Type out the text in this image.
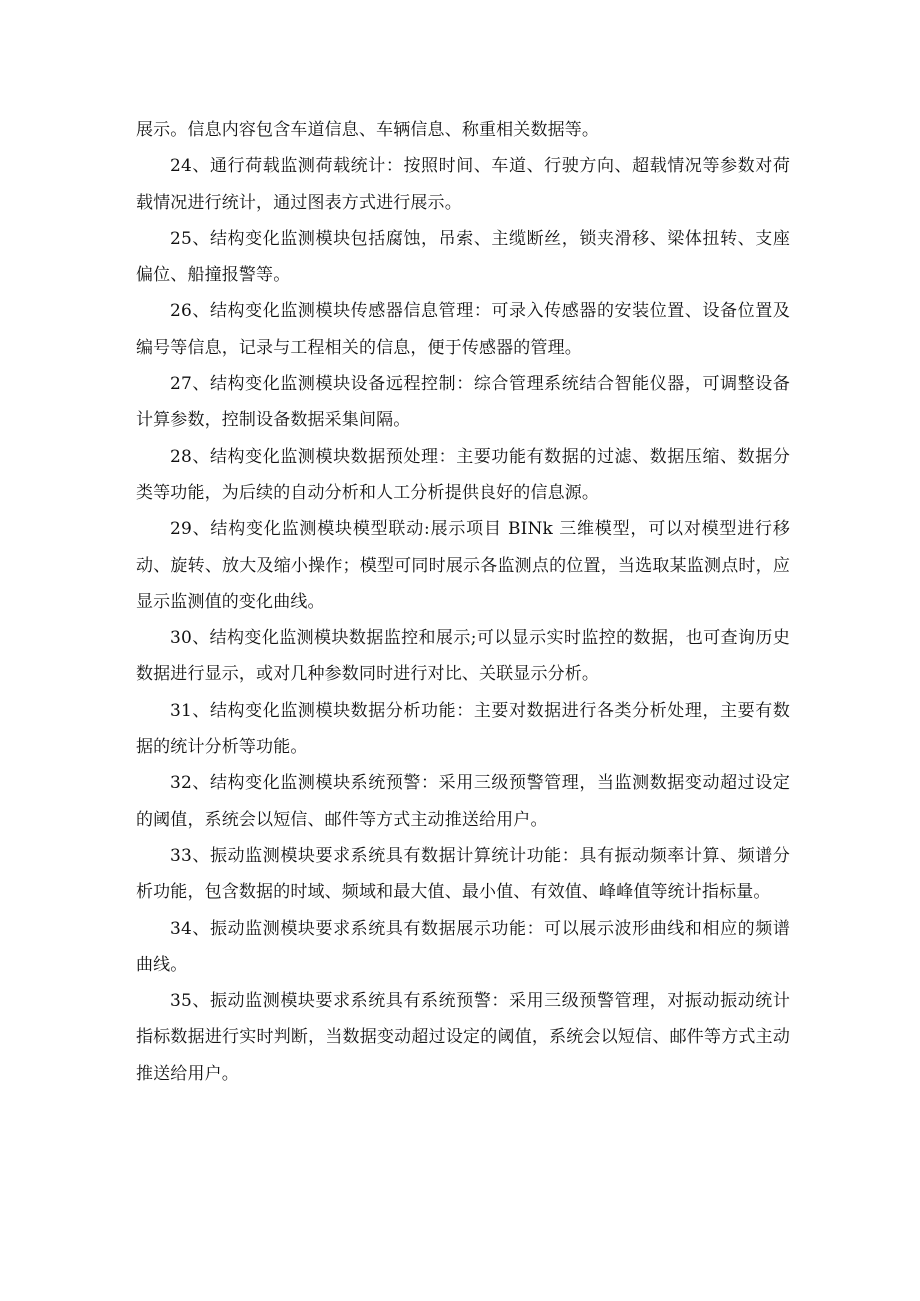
展示。信息内容包含车道信息、车辆信息、称重相关数据等。

24、通行荷载监测荷载统计：按照时间、车道、行驶方向、超载情况等参数对荷载情况进行统计，通过图表方式进行展示。

25、结构变化监测模块包括腐蚀，吊索、主缆断丝，锁夹滑移、梁体扭转、支座偏位、船撞报警等。

26、结构变化监测模块传感器信息管理：可录入传感器的安装位置、设备位置及编号等信息，记录与工程相关的信息，便于传感器的管理。

27、结构变化监测模块设备远程控制：综合管理系统结合智能仪器，可调整设备计算参数，控制设备数据采集间隔。

28、结构变化监测模块数据预处理：主要功能有数据的过滤、数据压缩、数据分类等功能，为后续的自动分析和人工分析提供良好的信息源。

29、结构变化监测模块模型联动:展示项目 BINk 三维模型，可以对模型进行移动、旋转、放大及缩小操作；模型可同时展示各监测点的位置，当选取某监测点时，应显示监测值的变化曲线。

30、结构变化监测模块数据监控和展示;可以显示实时监控的数据，也可查询历史数据进行显示，或对几种参数同时进行对比、关联显示分析。

31、结构变化监测模块数据分析功能：主要对数据进行各类分析处理，主要有数据的统计分析等功能。

32、结构变化监测模块系统预警：采用三级预警管理，当监测数据变动超过设定的阈值，系统会以短信、邮件等方式主动推送给用户。

33、振动监测模块要求系统具有数据计算统计功能：具有振动频率计算、频谱分析功能，包含数据的时域、频域和最大值、最小值、有效值、峰峰值等统计指标量。

34、振动监测模块要求系统具有数据展示功能：可以展示波形曲线和相应的频谱曲线。

35、振动监测模块要求系统具有系统预警：采用三级预警管理，对振动振动统计指标数据进行实时判断，当数据变动超过设定的阈值，系统会以短信、邮件等方式主动推送给用户。
